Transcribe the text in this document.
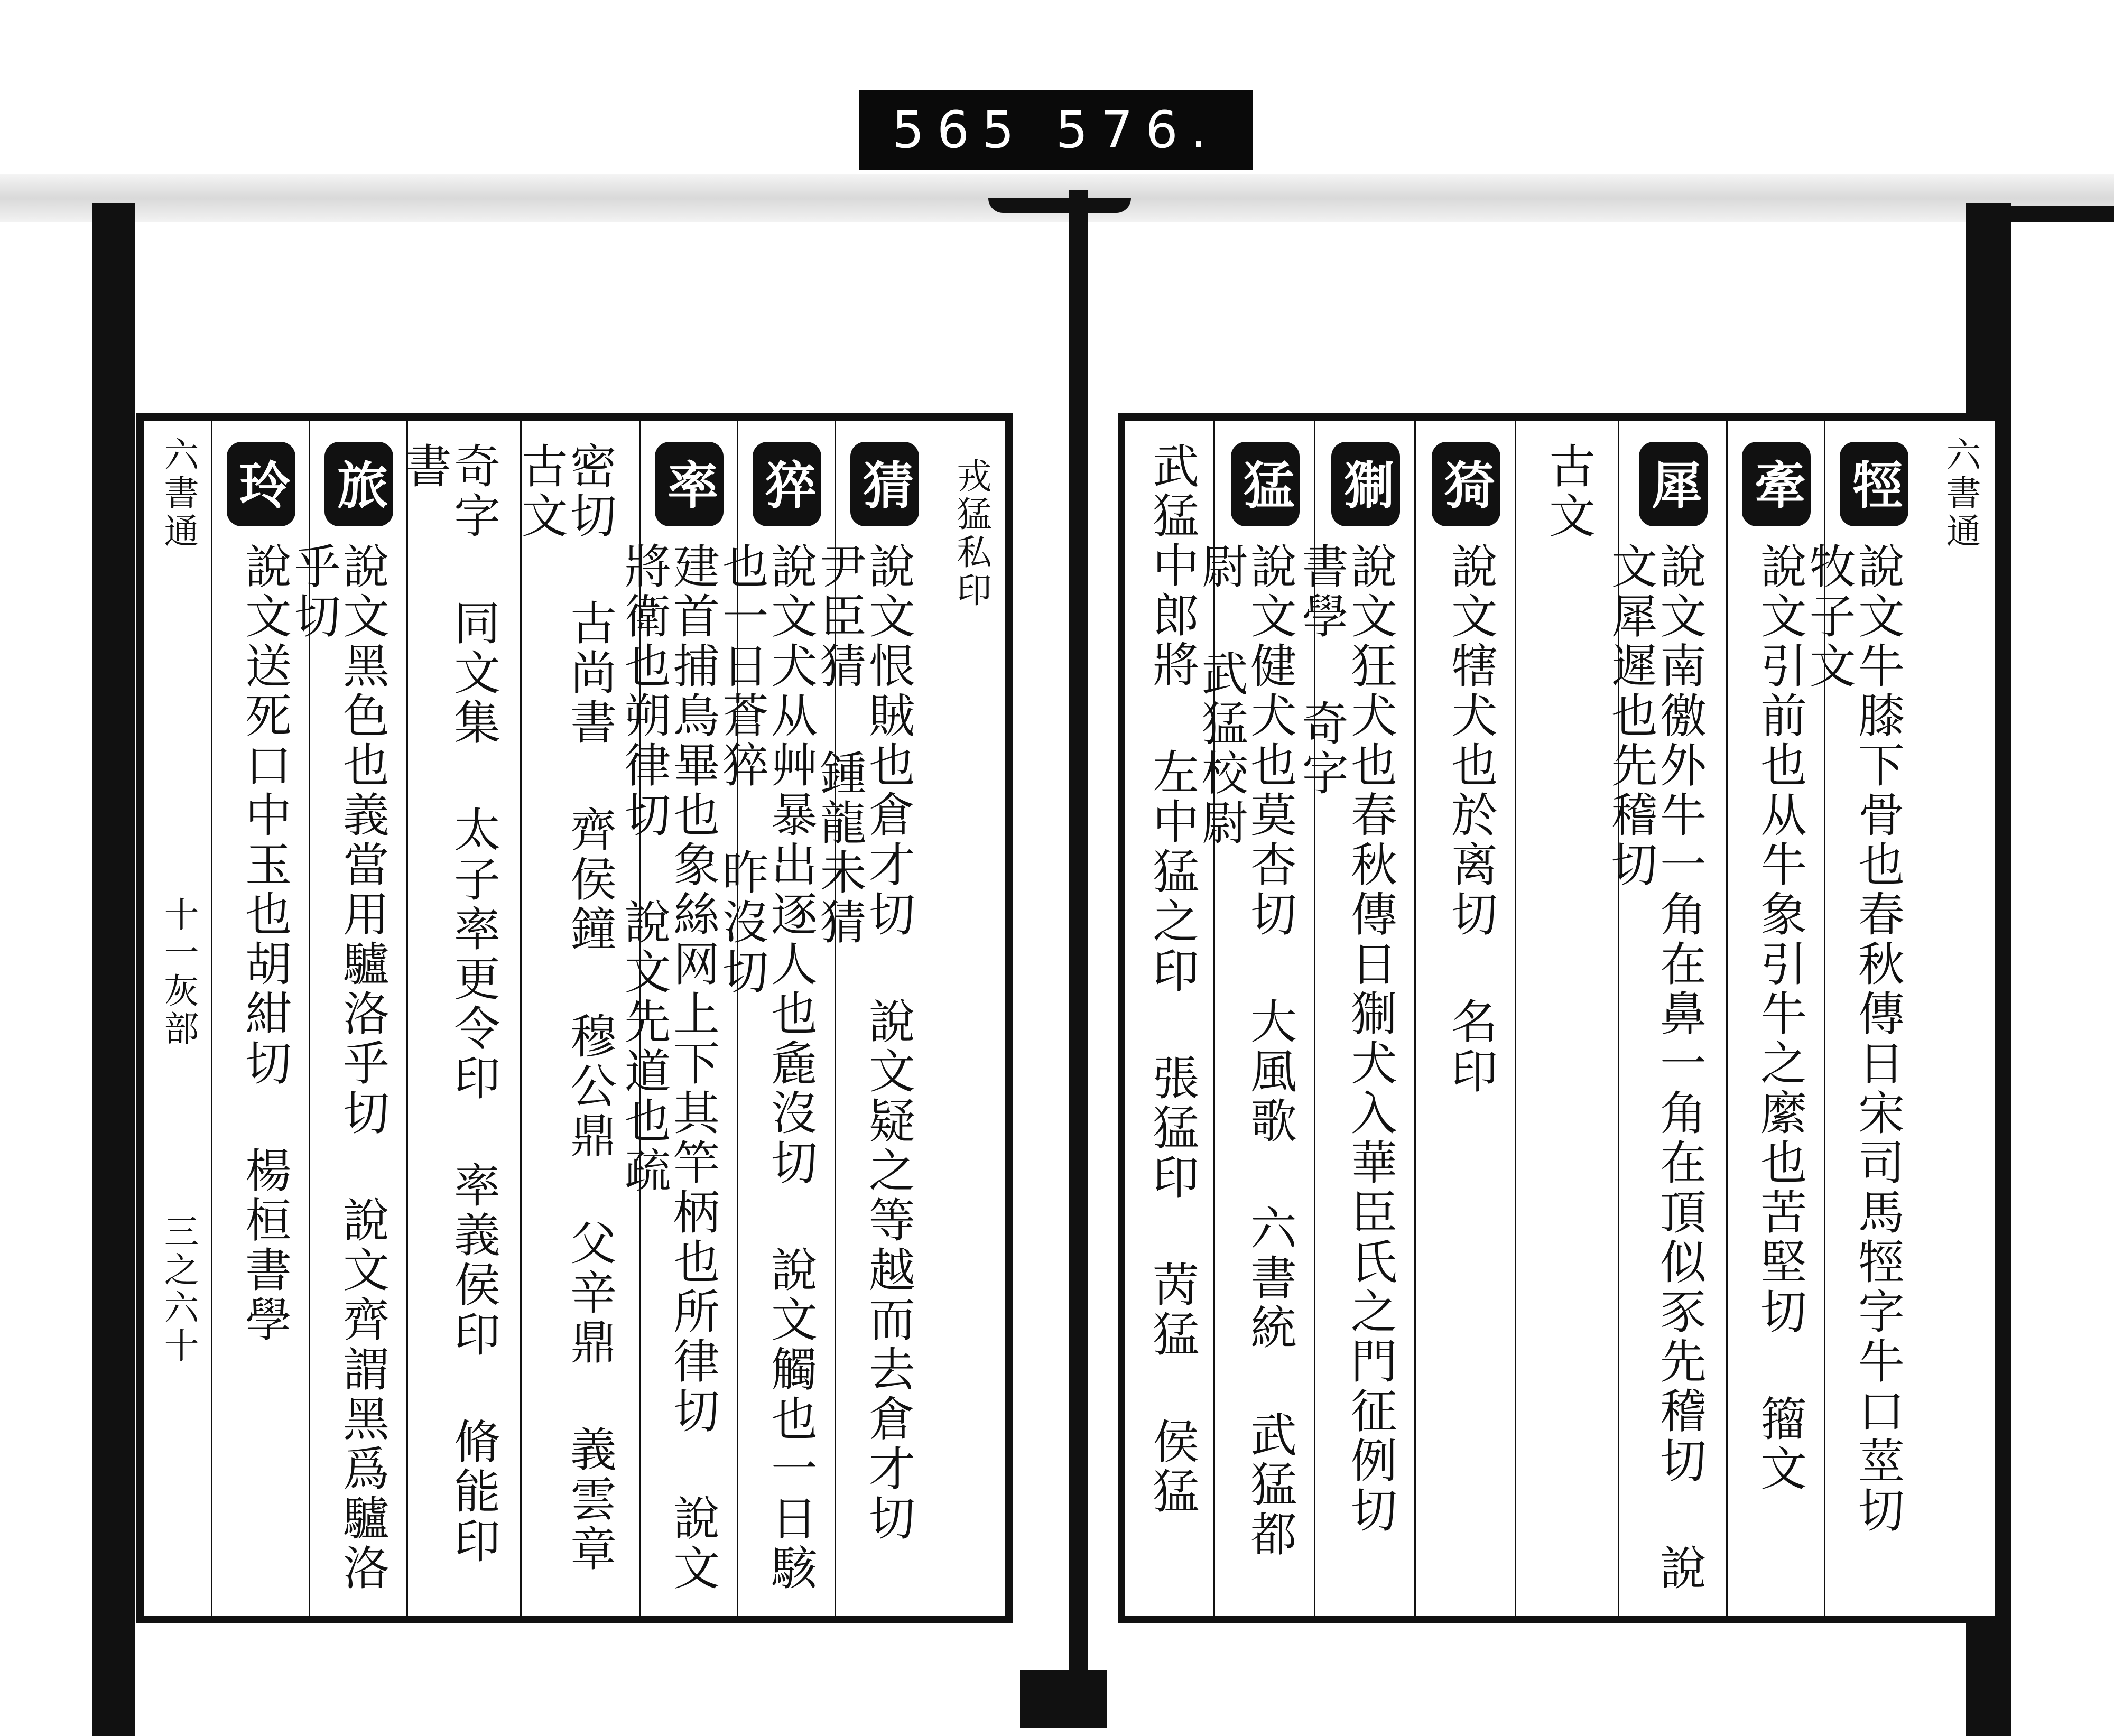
565 576.
戎猛私印
猜
說文恨賊也倉才切 說文疑之等越而去倉才切 尹臣猜 鍾龍未猜
猝
說文犬从艸暴出逐人也麁沒切 說文觸也一日駭也一日蒼猝 昨沒切
率
建首捕鳥畢也象絲网上下其竿柄也所律切 說文將衛也朔律切 說文先道也疏
密切 古尚書 齊侯鐘 穆公鼎 父辛鼎 義雲章 古文
奇字 同文集 太子率更令印 率義侯印 脩能印書
旅
說文黑色也義當用驢洛乎切 說文齊謂黑爲驢洛乎切
玲
說文送死口中玉也胡紺切 楊桓書學
六書通
十一灰部
三之六十
六書通
牼
說文牛膝下骨也春秋傳日宋司馬牼字牛口莖切 牧子文
牽
說文引前也从牛象引牛之縻也苦堅切 籀文
犀
說文南徼外牛一角在鼻一角在頂似豕先稽切 說文犀遲也先稽切
古文
猗
說文犗犬也於离切 名印
猘
說文狂犬也春秋傳日猘犬入華臣氏之門征例切 書學 奇字
猛
說文健犬也莫杏切 大風歌 六書統 武猛都尉 武猛校尉
武猛中郎將 左中猛之印 張猛印 苪猛 侯猛
